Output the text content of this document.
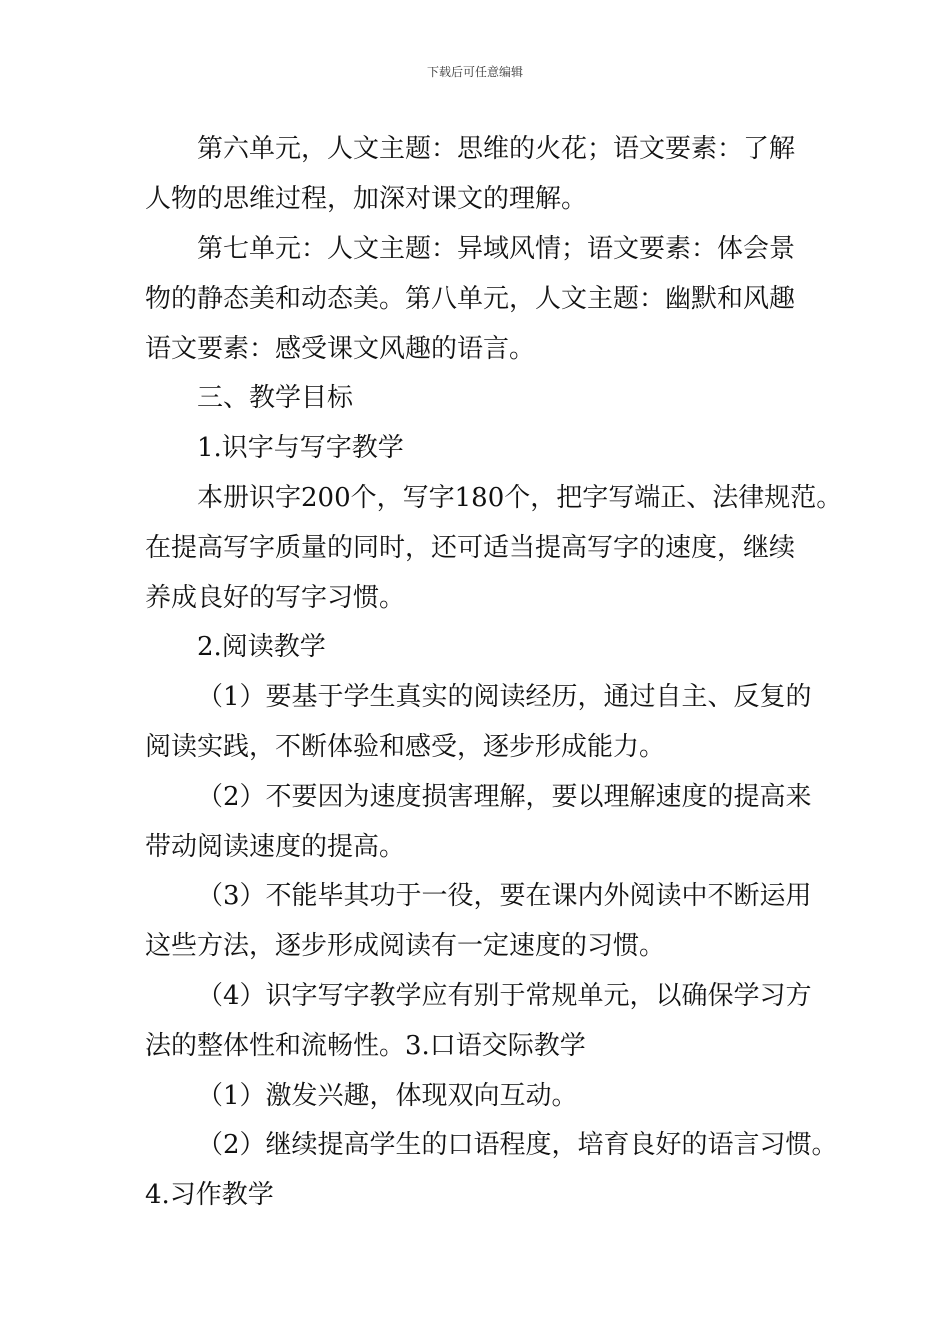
下载后可任意编辑
第六单元，人文主题：思维的火花；语文要素：了解
人物的思维过程，加深对课文的理解。
第七单元：人文主题：异域风情；语文要素：体会景
物的静态美和动态美。第八单元，人文主题：幽默和风趣
语文要素：感受课文风趣的语言。
三、教学目标
1.识字与写字教学
本册识字200个，写字180个，把字写端正、法律规范。
在提高写字质量的同时，还可适当提高写字的速度，继续
养成良好的写字习惯。
2.阅读教学
（1）要基于学生真实的阅读经历，通过自主、反复的
阅读实践，不断体验和感受，逐步形成能力。
（2）不要因为速度损害理解，要以理解速度的提高来
带动阅读速度的提高。
（3）不能毕其功于一役，要在课内外阅读中不断运用
这些方法，逐步形成阅读有一定速度的习惯。
（4）识字写字教学应有别于常规单元，以确保学习方
法的整体性和流畅性。3.口语交际教学
（1）激发兴趣，体现双向互动。
（2）继续提高学生的口语程度，培育良好的语言习惯。
4.习作教学
